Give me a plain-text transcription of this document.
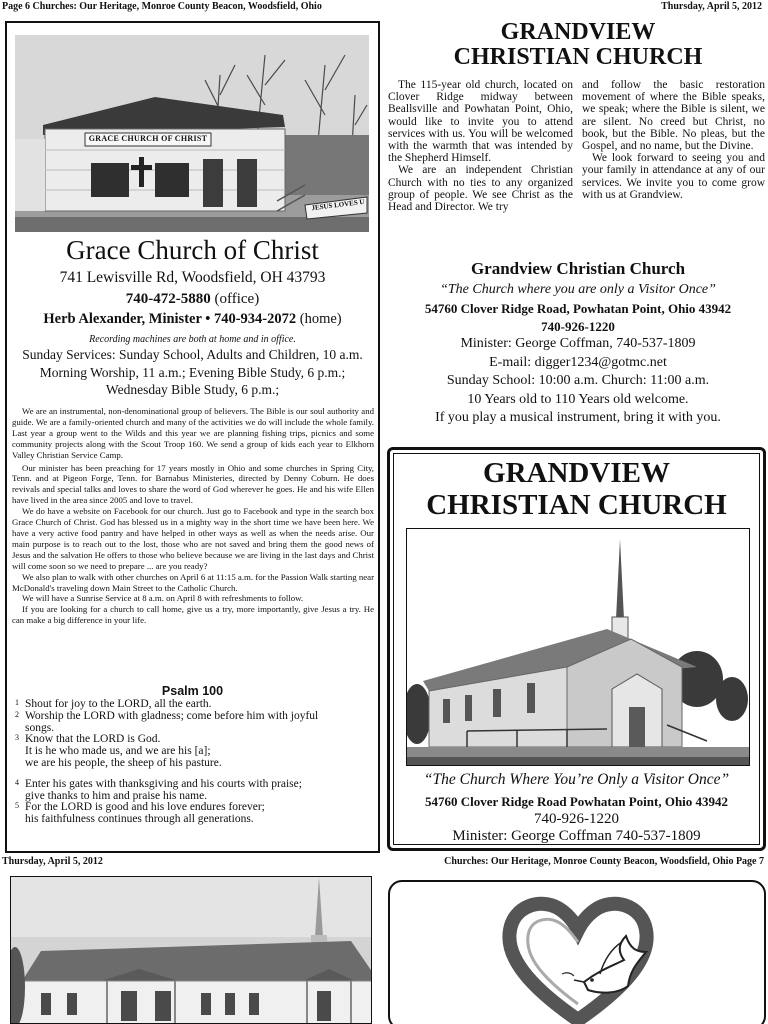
Page 6 Churches: Our Heritage, Monroe County Beacon, Woodsfield, Ohio	Thursday, April 5, 2012
GRACE CHURCH OF CHRIST
JESUS LOVES U
Grace Church of Christ
741 Lewisville Rd, Woodsfield, OH 43793
740-472-5880 (office)
Herb Alexander, Minister • 740-934-2072 (home)
Recording machines are both at home and in office.
Sunday Services: Sunday School, Adults and Children, 10 a.m.
Morning Worship, 11 a.m.; Evening Bible Study, 6 p.m.;
Wednesday Bible Study, 6 p.m.;

We are an instrumental, non-denominational group of believers. The Bible is our soul authority and guide. We are a family-oriented church and many of the activities we do will include the whole family. Last year a group went to the Wilds and this year we are planning fishing trips, picnics and some community projects along with the Scout Troop 160. We send a group of kids each year to Elkhorn Valley Christian Service Camp.

Our minister has been preaching for 17 years mostly in Ohio and some churches in Spring City, Tenn. and at Pigeon Forge, Tenn. for Barnabus Ministeries, directed by Denny Coburn. He does revivals and special talks and loves to share the word of God wherever he goes. He and his wife Ellen have lived in the area since 2005 and love to travel.

We do have a website on Facebook for our church. Just go to Facebook and type in the search box Grace Church of Christ. God has blessed us in a mighty way in the short time we have been here. We have a very active food pantry and have helped in other ways as well as when the needs arise. Our main purpose is to reach out to the lost, those who are not saved and bring them the good news of Jesus and the salvation He offers to those who believe because we are living in the last days and Christ will come soon so we need to prepare ... are you ready?

We also plan to walk with other churches on April 6 at 11:15 a.m. for the Passion Walk starting near McDonald's traveling down Main Street to the Catholic Church.

We will have a Sunrise Service at 8 a.m. on April 8 with refreshments to follow.

If you are looking for a church to call home, give us a try, more importantly, give Jesus a try. He can make a big difference in your life.

Psalm 100
1 Shout for joy to the LORD, all the earth.
2 Worship the LORD with gladness; come before him with joyful
songs.
3 Know that the LORD is God.
It is he who made us, and we are his [a];
we are his people, the sheep of his pasture.
4 Enter his gates with thanksgiving and his courts with praise;
give thanks to him and praise his name.
5 For the LORD is good and his love endures forever;
his faithfulness continues through all generations.
GRANDVIEW
CHRISTIAN CHURCH

The 115-year old church, located on Clover Ridge midway between Beallsville and Powhatan Point, Ohio, would like to invite you to attend services with us. You will be welcomed with the warmth that was intended by the Shepherd Himself.

We are an independent Christian Church with no ties to any organized group of people. We see Christ as the Head and Director. We try

and follow the basic restoration movement of where the Bible speaks, we speak; where the Bible is silent, we are silent. No creed but Christ, no book, but the Bible. No pleas, but the Gospel, and no name, but the Divine.

We look forward to seeing you and your family in attendance at any of our services. We invite you to come grow with us at Grandview.

Grandview Christian Church
“The Church where you are only a Visitor Once”
54760 Clover Ridge Road, Powhatan Point, Ohio 43942
740-926-1220
Minister: George Coffman, 740-537-1809
E-mail: digger1234@gotmc.net
Sunday School: 10:00 a.m. Church: 11:00 a.m.
10 Years old to 110 Years old welcome.
If you play a musical instrument, bring it with you.
GRANDVIEW
CHRISTIAN CHURCH
“The Church Where You’re Only a Visitor Once”
54760 Clover Ridge Road Powhatan Point, Ohio 43942
740-926-1220
Minister: George Coffman 740-537-1809
Thursday, April 5, 2012	Churches: Our Heritage, Monroe County Beacon, Woodsfield, Ohio Page 7
